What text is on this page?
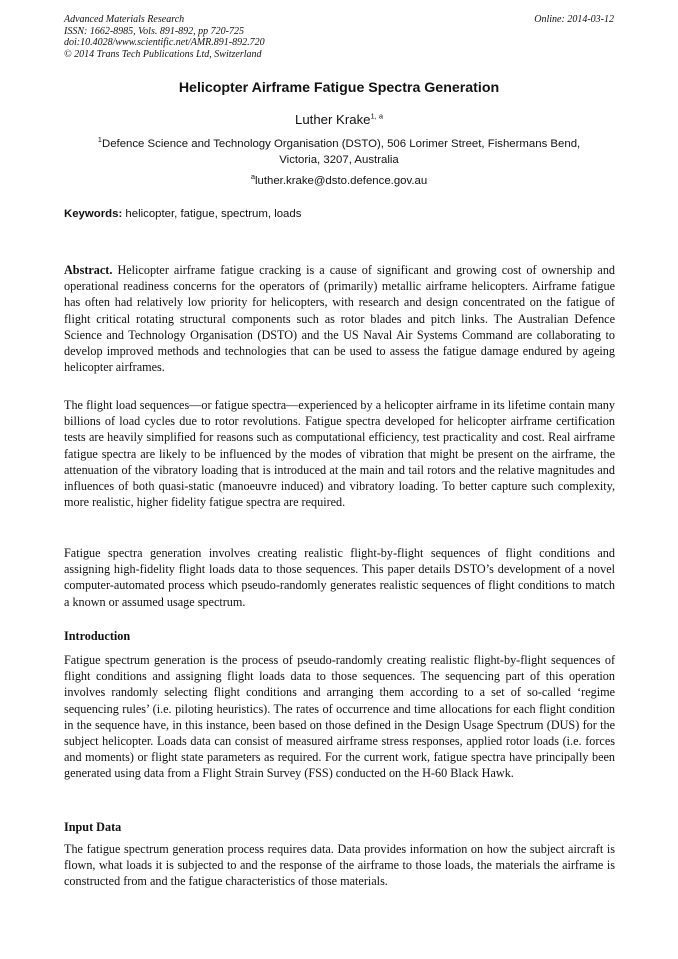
Advanced Materials Research
ISSN: 1662-8985, Vols. 891-892, pp 720-725
doi:10.4028/www.scientific.net/AMR.891-892.720
© 2014 Trans Tech Publications Ltd, Switzerland
Online: 2014-03-12
Helicopter Airframe Fatigue Spectra Generation
Luther Krake$^{1, a}$
$^1$Defence Science and Technology Organisation (DSTO), 506 Lorimer Street, Fishermans Bend,
Victoria, 3207, Australia
$^a$luther.krake@dsto.defence.gov.au
Keywords: helicopter, fatigue, spectrum, loads
Abstract. Helicopter airframe fatigue cracking is a cause of significant and growing cost of ownership and operational readiness concerns for the operators of (primarily) metallic airframe helicopters. Airframe fatigue has often had relatively low priority for helicopters, with research and design concentrated on the fatigue of flight critical rotating structural components such as rotor blades and pitch links. The Australian Defence Science and Technology Organisation (DSTO) and the US Naval Air Systems Command are collaborating to develop improved methods and technologies that can be used to assess the fatigue damage endured by ageing helicopter airframes.
The flight load sequences—or fatigue spectra—experienced by a helicopter airframe in its lifetime contain many billions of load cycles due to rotor revolutions. Fatigue spectra developed for helicopter airframe certification tests are heavily simplified for reasons such as computational efficiency, test practicality and cost. Real airframe fatigue spectra are likely to be influenced by the modes of vibration that might be present on the airframe, the attenuation of the vibratory loading that is introduced at the main and tail rotors and the relative magnitudes and influences of both quasi-static (manoeuvre induced) and vibratory loading. To better capture such complexity, more realistic, higher fidelity fatigue spectra are required.
Fatigue spectra generation involves creating realistic flight-by-flight sequences of flight conditions and assigning high-fidelity flight loads data to those sequences. This paper details DSTO’s development of a novel computer-automated process which pseudo-randomly generates realistic sequences of flight conditions to match a known or assumed usage spectrum.
Introduction
Fatigue spectrum generation is the process of pseudo-randomly creating realistic flight-by-flight sequences of flight conditions and assigning flight loads data to those sequences. The sequencing part of this operation involves randomly selecting flight conditions and arranging them according to a set of so-called ‘regime sequencing rules’ (i.e. piloting heuristics). The rates of occurrence and time allocations for each flight condition in the sequence have, in this instance, been based on those defined in the Design Usage Spectrum (DUS) for the subject helicopter. Loads data can consist of measured airframe stress responses, applied rotor loads (i.e. forces and moments) or flight state parameters as required. For the current work, fatigue spectra have principally been generated using data from a Flight Strain Survey (FSS) conducted on the H-60 Black Hawk.
Input Data
The fatigue spectrum generation process requires data. Data provides information on how the subject aircraft is flown, what loads it is subjected to and the response of the airframe to those loads, the materials the airframe is constructed from and the fatigue characteristics of those materials.
